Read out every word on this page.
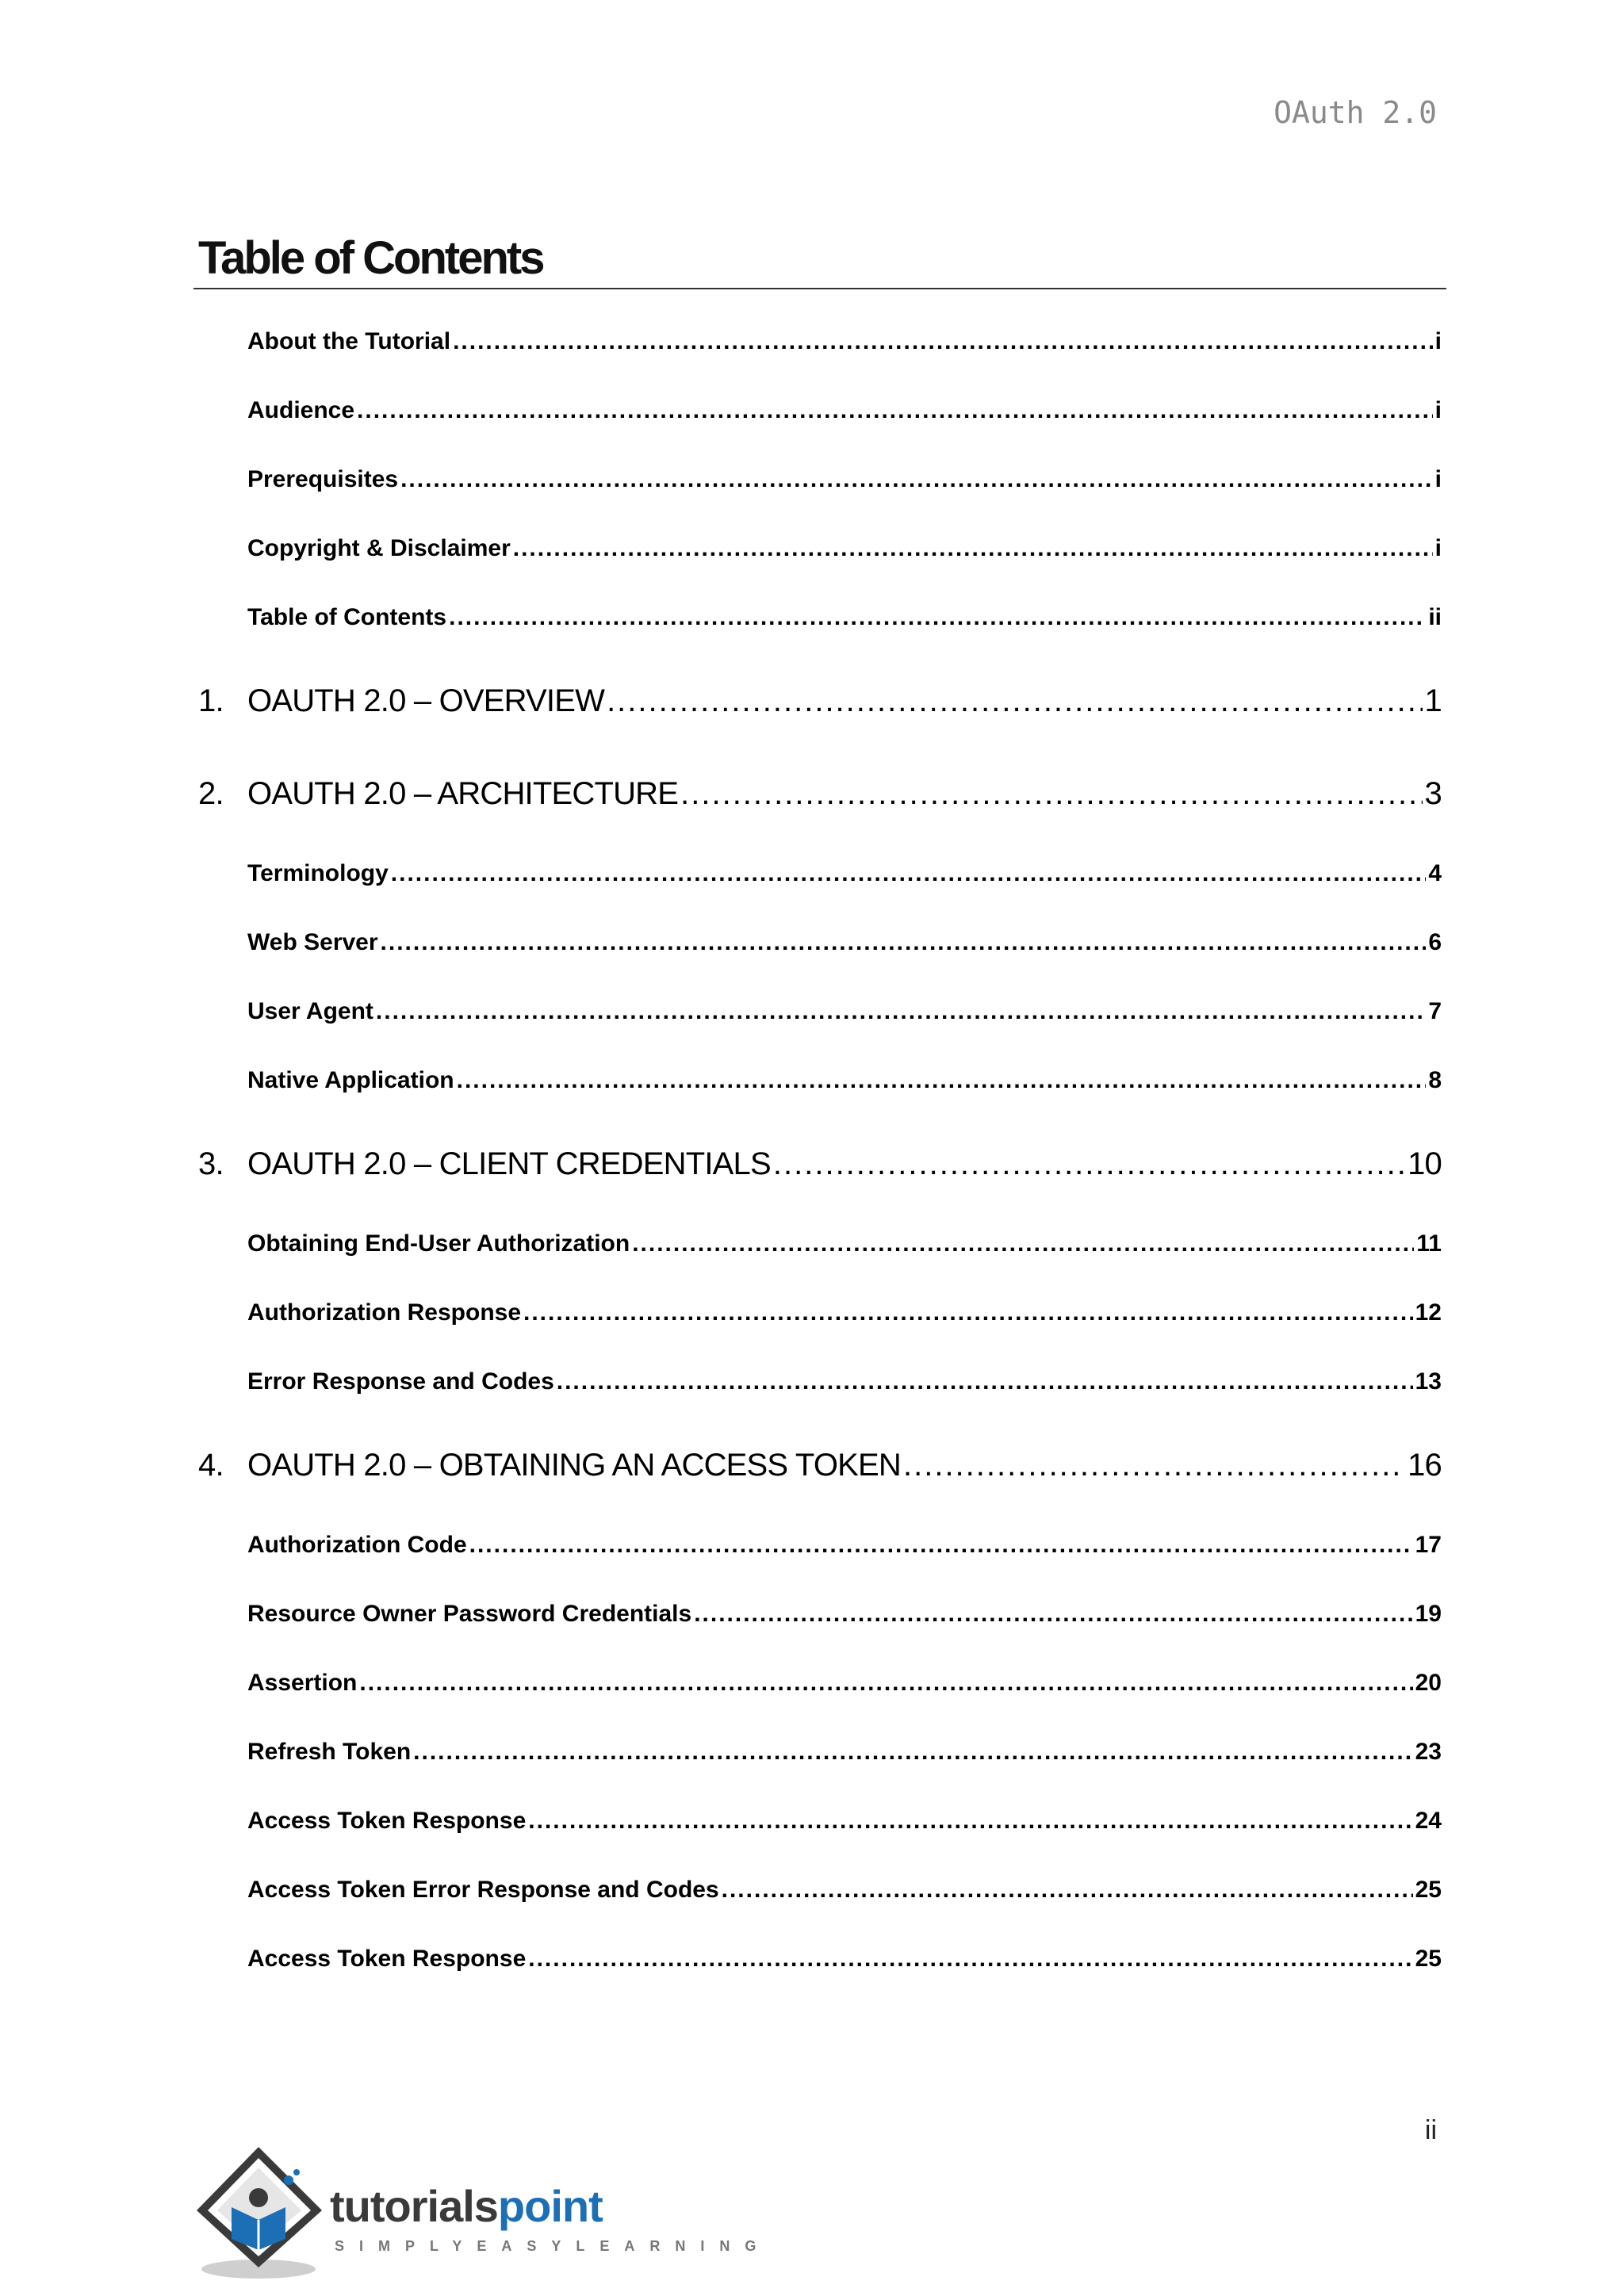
OAuth 2.0
Table of Contents
About the Tutorial .....	i
Audience .....	i
Prerequisites .....	i
Copyright & Disclaimer .....	i
Table of Contents .....	ii
1. OAUTH 2.0 – OVERVIEW .....	1
2. OAUTH 2.0 – ARCHITECTURE .....	3
Terminology .....	4
Web Server .....	6
User Agent .....	7
Native Application .....	8
3. OAUTH 2.0 – CLIENT CREDENTIALS .....	10
Obtaining End-User Authorization .....	11
Authorization Response .....	12
Error Response and Codes .....	13
4. OAUTH 2.0 – OBTAINING AN ACCESS TOKEN .....	16
Authorization Code .....	17
Resource Owner Password Credentials .....	19
Assertion .....	20
Refresh Token .....	23
Access Token Response .....	24
Access Token Error Response and Codes .....	25
Access Token Response .....	25
ii
tutorialspoint
SIMPLYEASYLEARNING
